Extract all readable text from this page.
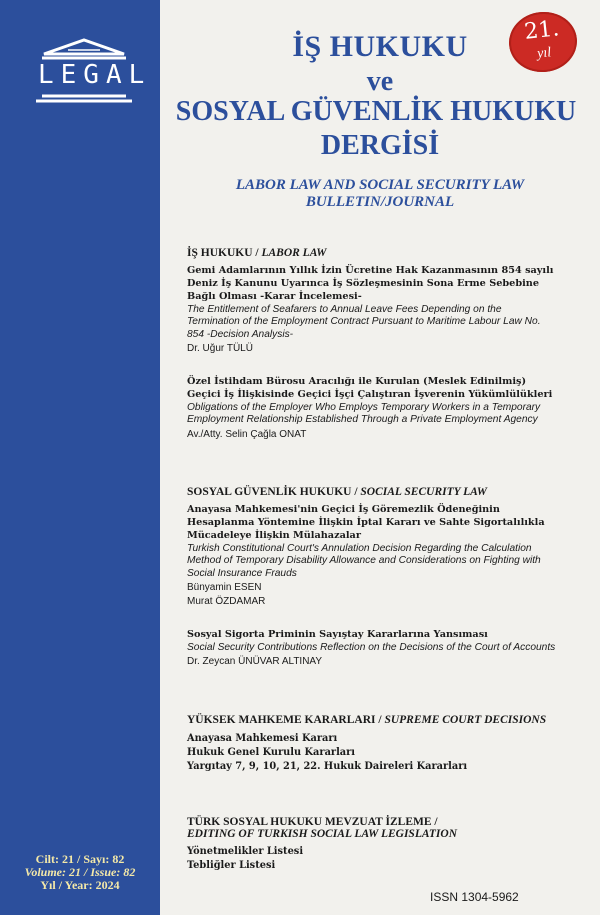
LEGAL
Cilt: 21 / Sayı: 82
Volume: 21 / Issue: 82
Yıl / Year: 2024
İŞ HUKUKU
ve
SOSYAL GÜVENLİK HUKUKU
DERGİSİ
LABOR LAW AND SOCIAL SECURITY LAW
BULLETIN/JOURNAL
21.
yıl
İŞ HUKUKU / LABOR LAW
Gemi Adamlarının Yıllık İzin Ücretine Hak Kazanmasının 854 sayılı Deniz İş Kanunu Uyarınca İş Sözleşmesinin Sona Erme Sebebine Bağlı Olması -Karar İncelemesi-
The Entitlement of Seafarers to Annual Leave Fees Depending on the Termination of the Employment Contract Pursuant to Maritime Labour Law No. 854 -Decision Analysis-
Dr. Uğur TÜLÜ
Özel İstihdam Bürosu Aracılığı ile Kurulan (Meslek Edinilmiş) Geçici İş İlişkisinde Geçici İşçi Çalıştıran İşverenin Yükümlülükleri
Obligations of the Employer Who Employs Temporary Workers in a Temporary Employment Relationship Established Through a Private Employment Agency
Av./Atty. Selin Çağla ONAT
SOSYAL GÜVENLİK HUKUKU / SOCIAL SECURITY LAW
Anayasa Mahkemesi'nin Geçici İş Göremezlik Ödeneğinin Hesaplanma Yöntemine İlişkin İptal Kararı ve Sahte Sigortalılıkla Mücadeleye İlişkin Mülahazalar
Turkish Constitutional Court's Annulation Decision Regarding the Calculation Method of Temporary Disability Allowance and Considerations on Fighting with Social Insurance Frauds
Bünyamin ESEN
Murat ÖZDAMAR
Sosyal Sigorta Priminin Sayıştay Kararlarına Yansıması
Social Security Contributions Reflection on the Decisions of the Court of Accounts
Dr. Zeycan ÜNÜVAR ALTINAY
YÜKSEK MAHKEME KARARLARI / SUPREME COURT DECISIONS
Anayasa Mahkemesi Kararı
Hukuk Genel Kurulu Kararları
Yargıtay 7, 9, 10, 21, 22. Hukuk Daireleri Kararları
TÜRK SOSYAL HUKUKU MEVZUAT İZLEME /
EDITING OF TURKISH SOCIAL LAW LEGISLATION
Yönetmelikler Listesi
Tebliğler Listesi
ISSN 1304-5962
